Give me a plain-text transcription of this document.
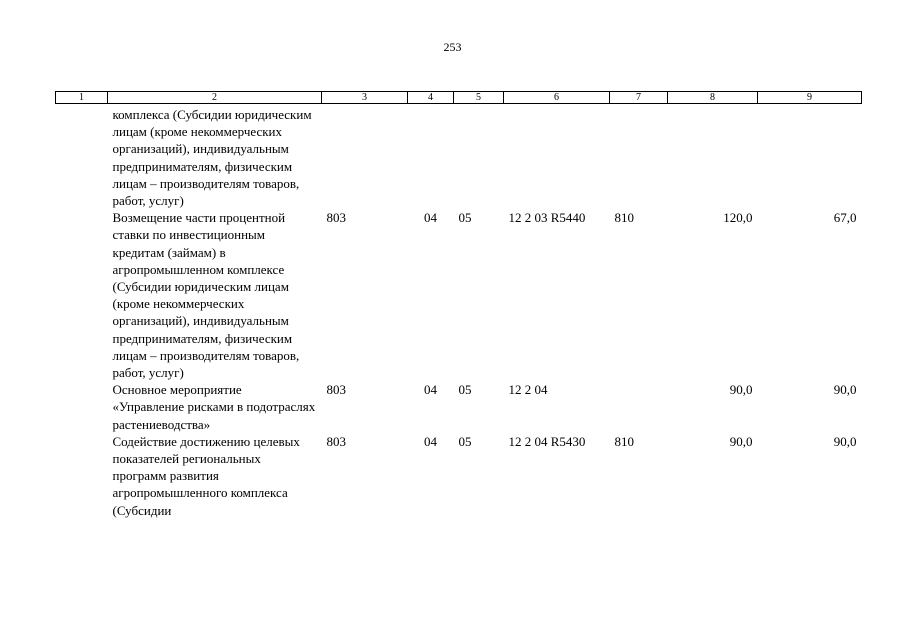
253
1	2	3	4	5	6	7	8	9
	комплекса (Субсидии юридическим лицам (кроме некоммерческих организаций), индивидуальным предпринимателям, физическим лицам – производителям товаров, работ, услуг)							
	Возмещение части процентной ставки по инвестиционным кредитам (займам) в агропромышленном комплексе (Субсидии юридическим лицам (кроме некоммерческих организаций), индивидуальным предпринимателям, физическим лицам – производителям товаров, работ, услуг)	803	04	05	12 2 03 R5440	810	120,0	67,0
	Основное мероприятие «Управление рисками в подотраслях растениеводства»	803	04	05	12 2 04		90,0	90,0
	Содействие достижению целевых показателей региональных программ развития агропромышленного комплекса (Субсидии	803	04	05	12 2 04 R5430	810	90,0	90,0
